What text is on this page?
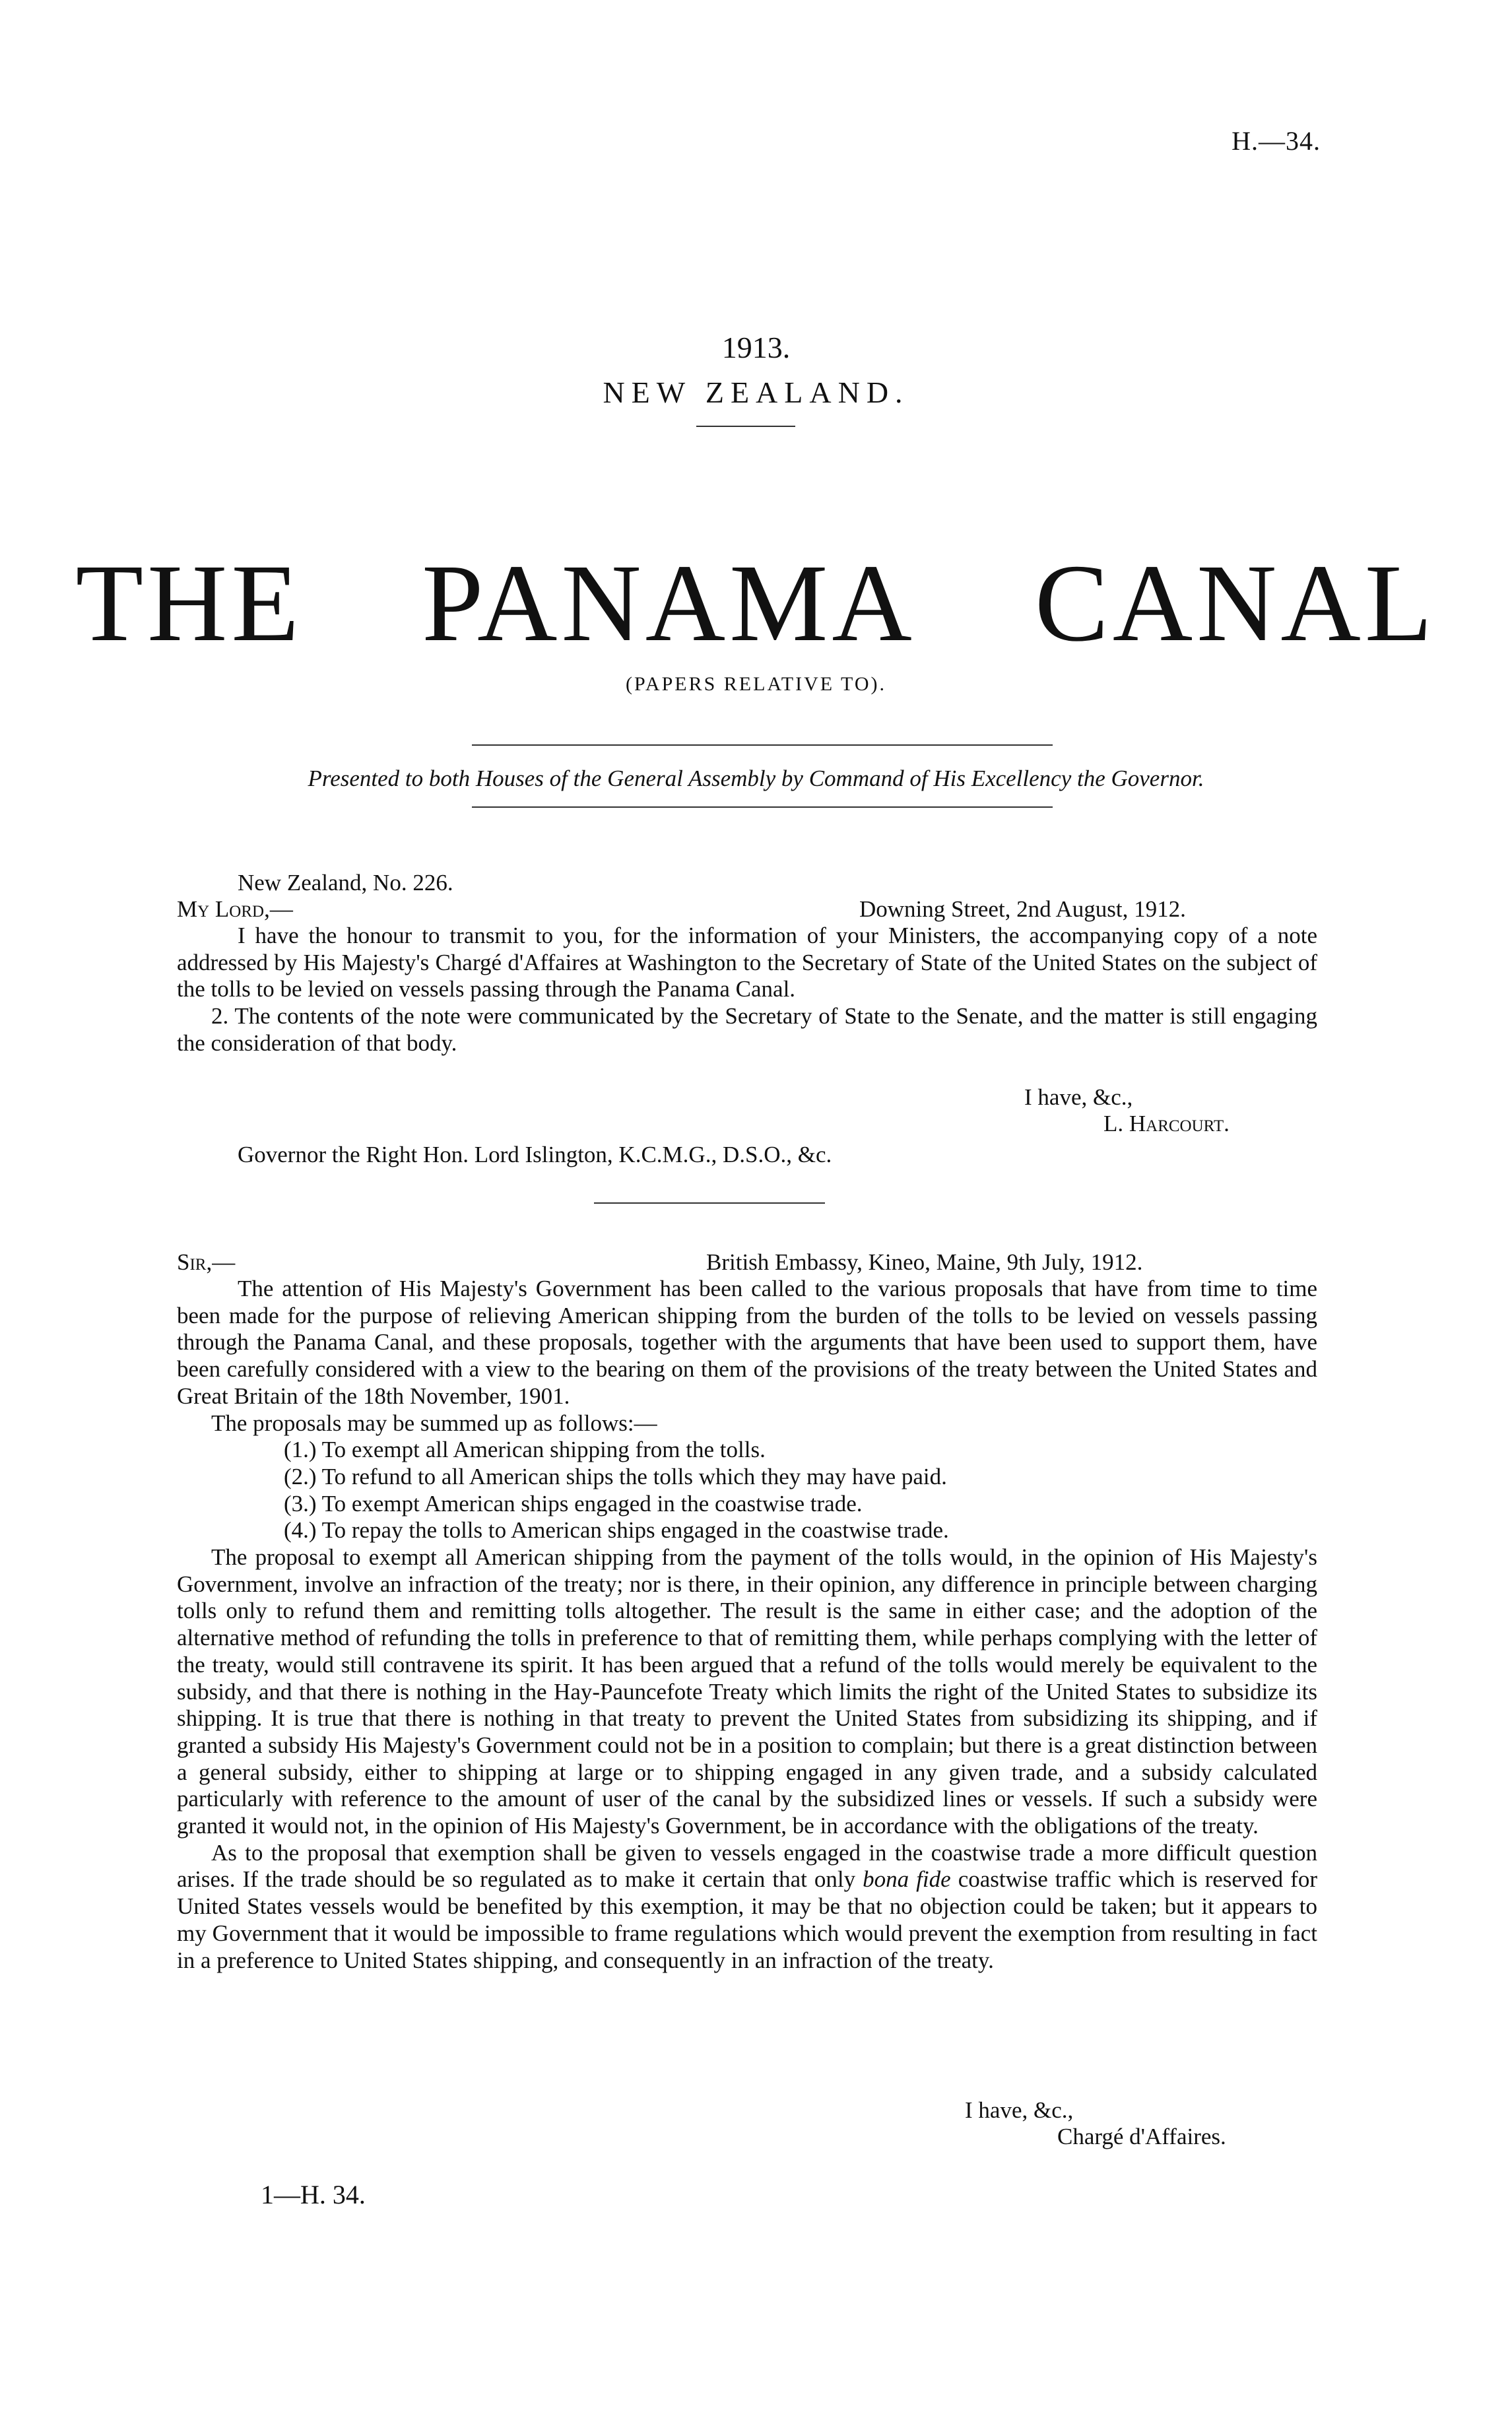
H.—34.
1913.
NEW ZEALAND.
THE PANAMA CANAL
(PAPERS RELATIVE TO).
Presented to both Houses of the General Assembly by Command of His Excellency the Governor.
New Zealand, No. 226.
My Lord,—	Downing Street, 2nd August, 1912.

I have the honour to transmit to you, for the information of your Ministers, the accompanying copy of a note addressed by His Majesty's Chargé d'Affaires at Washington to the Secretary of State of the United States on the subject of the tolls to be levied on vessels passing through the Panama Canal.

2. The contents of the note were communicated by the Secretary of State to the Senate, and the matter is still engaging the consideration of that body.

I have, &c.,
L. Harcourt.
Governor the Right Hon. Lord Islington, K.C.M.G., D.S.O., &c.
Sir,—	British Embassy, Kineo, Maine, 9th July, 1912.

The attention of His Majesty's Government has been called to the various proposals that have from time to time been made for the purpose of relieving American shipping from the burden of the tolls to be levied on vessels passing through the Panama Canal, and these proposals, together with the arguments that have been used to support them, have been carefully considered with a view to the bearing on them of the provisions of the treaty between the United States and Great Britain of the 18th November, 1901.

The proposals may be summed up as follows:—

(1.) To exempt all American shipping from the tolls.
(2.) To refund to all American ships the tolls which they may have paid.
(3.) To exempt American ships engaged in the coastwise trade.
(4.) To repay the tolls to American ships engaged in the coastwise trade.

The proposal to exempt all American shipping from the payment of the tolls would, in the opinion of His Majesty's Government, involve an infraction of the treaty; nor is there, in their opinion, any difference in principle between charging tolls only to refund them and remitting tolls altogether. The result is the same in either case; and the adoption of the alternative method of refunding the tolls in preference to that of remitting them, while perhaps complying with the letter of the treaty, would still contravene its spirit. It has been argued that a refund of the tolls would merely be equivalent to the subsidy, and that there is nothing in the Hay-Pauncefote Treaty which limits the right of the United States to subsidize its shipping. It is true that there is nothing in that treaty to prevent the United States from subsidizing its shipping, and if granted a subsidy His Majesty's Government could not be in a position to complain; but there is a great distinction between a general subsidy, either to shipping at large or to shipping engaged in any given trade, and a subsidy calculated particularly with reference to the amount of user of the canal by the subsidized lines or vessels. If such a subsidy were granted it would not, in the opinion of His Majesty's Government, be in accordance with the obligations of the treaty.

As to the proposal that exemption shall be given to vessels engaged in the coastwise trade a more difficult question arises. If the trade should be so regulated as to make it certain that only bona fide coastwise traffic which is reserved for United States vessels would be benefited by this exemption, it may be that no objection could be taken; but it appears to my Government that it would be impossible to frame regulations which would prevent the exemption from resulting in fact in a preference to United States shipping, and consequently in an infraction of the treaty.

I have, &c.,
Chargé d'Affaires.
1—H. 34.
